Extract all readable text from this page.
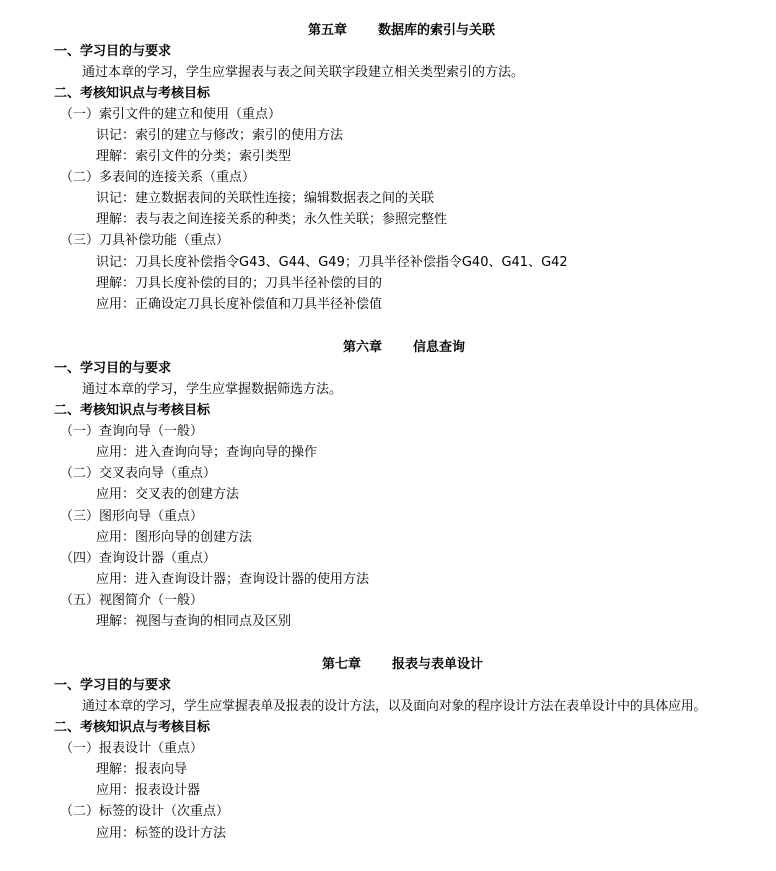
第五章 数据库的索引与关联
一、学习目的与要求
通过本章的学习，学生应掌握表与表之间关联字段建立相关类型索引的方法。
二、考核知识点与考核目标
（一）索引文件的建立和使用（重点）
识记：索引的建立与修改；索引的使用方法
理解：索引文件的分类；索引类型
（二）多表间的连接关系（重点）
识记：建立数据表间的关联性连接；编辑数据表之间的关联
理解：表与表之间连接关系的种类；永久性关联；参照完整性
（三）刀具补偿功能（重点）
识记：刀具长度补偿指令G43、G44、G49；刀具半径补偿指令G40、G41、G42
理解：刀具长度补偿的目的；刀具半径补偿的目的
应用：正确设定刀具长度补偿值和刀具半径补偿值
第六章 信息查询
一、学习目的与要求
通过本章的学习，学生应掌握数据筛选方法。
二、考核知识点与考核目标
（一）查询向导（一般）
应用：进入查询向导；查询向导的操作
（二）交叉表向导（重点）
应用：交叉表的创建方法
（三）图形向导（重点）
应用：图形向导的创建方法
（四）查询设计器（重点）
应用：进入查询设计器；查询设计器的使用方法
（五）视图简介（一般）
理解：视图与查询的相同点及区别
第七章 报表与表单设计
一、学习目的与要求
通过本章的学习，学生应掌握表单及报表的设计方法，以及面向对象的程序设计方法在表单设计中的具体应用。
二、考核知识点与考核目标
（一）报表设计（重点）
理解：报表向导
应用：报表设计器
（二）标签的设计（次重点）
应用：标签的设计方法
